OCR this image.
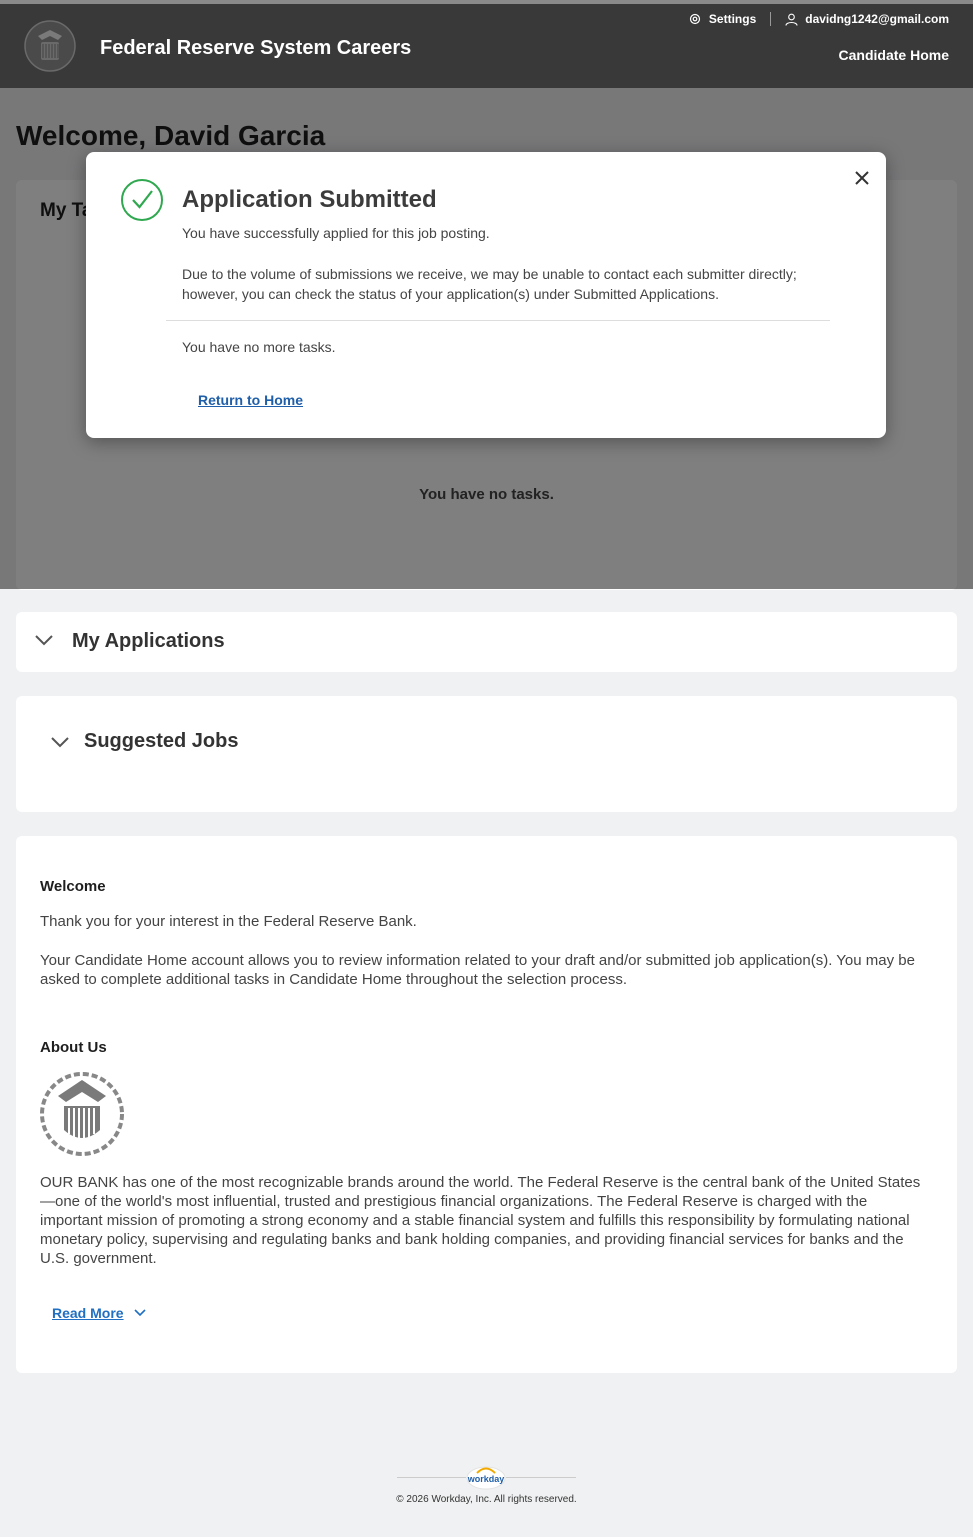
Federal Reserve System Careers
Settings	davidng1242@gmail.com
Candidate Home
Application Submitted
You have successfully applied for this job posting.
Due to the volume of submissions we receive, we may be unable to contact each submitter directly; however, you can check the status of your application(s) under Submitted Applications.
You have no more tasks.
Return to Home
My Applications
Suggested Jobs
Welcome
Thank you for your interest in the Federal Reserve Bank.
Your Candidate Home account allows you to review information related to your draft and/or submitted job application(s). You may be asked to complete additional tasks in Candidate Home throughout the selection process.
About Us
OUR BANK has one of the most recognizable brands around the world. The Federal Reserve is the central bank of the United States—one of the world's most influential, trusted and prestigious financial organizations. The Federal Reserve is charged with the important mission of promoting a strong economy and a stable financial system and fulfills this responsibility by formulating national monetary policy, supervising and regulating banks and bank holding companies, and providing financial services for banks and the U.S. government.
Read More
workday
© 2026 Workday, Inc. All rights reserved.
